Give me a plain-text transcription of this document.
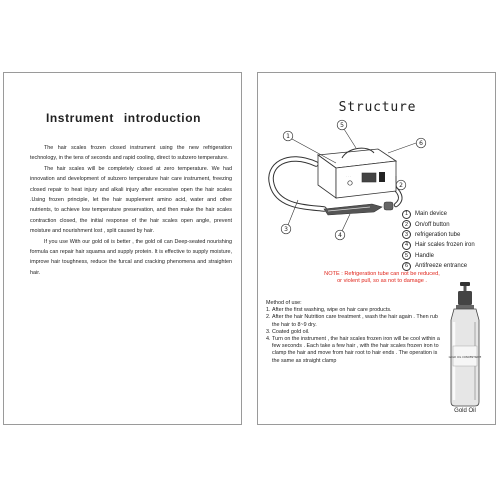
Instrument introduction

The hair scales frozen closed instrument using the new refrigeration technology, in the tens of seconds and rapid cooling, direct to subzero temperature.

The hair scales will be completely closed at zero temperature. We had innovation and development of subzero temperature hair care instrument, freezing closed repair to heat injury and alkali injury after excessive open the hair scales .Using frozen principle, let the hair supplement amino acid, water and other nutrients, to achieve low temperature preservation, and then make the hair scales contraction closed, the initial response of the hair scales open angle, prevent moisture and nourishment lost , split caused by hair.

If you use With our gold oil is better , the gold oil can Deep-seated nourishing formula can repair hair squama and supply protein. It is effective to supply moisture, improve hair toughness, reduce the furcal and cracking phenomena and straighten hair.

Structure
· · ·
1
2
3
4
5
6
1	Main device
2	On/off button
3	refrigeration tube
4	Hair scales frozen iron
5	Handle
6	Antifreeze entrance
NOTE : Refrigeration tube can not be reduced,
or violent pull, so as not to damage .
Method of use:
1. After the first washing, wipe on hair care products.
2. After the hair Nutrition care treatment , wash the hair again . Then rub the hair to 8~9 dry.
3. Coated gold oil.
4. Turn on the instrument , the hair scales frozen iron will be cool within a few seconds . Each take a few hair , with the hair scales frozen iron to clamp the hair and move from hair root to hair ends . The operation is the same as straight clamp
GOLD OIL CONCENTRATE
Gold Oil
